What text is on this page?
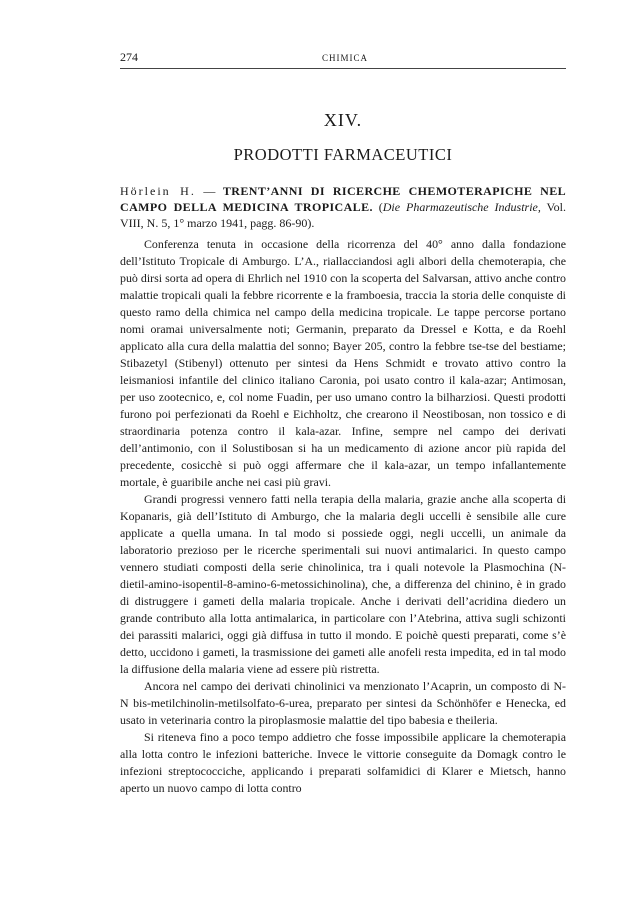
274	CHIMICA
XIV.
PRODOTTI FARMACEUTICI
Hörlein H. — TRENT’ANNI DI RICERCHE CHEMOTERAPICHE NEL CAMPO DELLA MEDICINA TROPICALE. (Die Pharmazeutische Industrie, Vol. VIII, N. 5, 1° marzo 1941, pagg. 86-90).

Conferenza tenuta in occasione della ricorrenza del 40° anno dalla fondazione dell’Istituto Tropicale di Amburgo. L’A., riallacciandosi agli albori della chemoterapia, che può dirsi sorta ad opera di Ehrlich nel 1910 con la scoperta del Salvarsan, attivo anche contro malattie tropicali quali la febbre ricorrente e la framboesia, traccia la storia delle conquiste di questo ramo della chimica nel campo della medicina tropicale. Le tappe percorse portano nomi oramai universalmente noti; Germanin, preparato da Dressel e Kotta, e da Roehl applicato alla cura della malattia del sonno; Bayer 205, contro la febbre tse-tse del bestiame; Stibazetyl (Stibenyl) ottenuto per sintesi da Hens Schmidt e trovato attivo contro la leismaniosi infantile del clinico italiano Caronia, poi usato contro il kala-azar; Antimosan, per uso zootecnico, e, col nome Fuadin, per uso umano contro la bilharziosi. Questi prodotti furono poi perfezionati da Roehl e Eichholtz, che crearono il Neostibosan, non tossico e di straordinaria potenza contro il kala-azar. Infine, sempre nel campo dei derivati dell’antimonio, con il Solustibosan si ha un medicamento di azione ancor più rapida del precedente, cosicchè si può oggi affermare che il kala-azar, un tempo infallantemente mortale, è guaribile anche nei casi più gravi.

Grandi progressi vennero fatti nella terapia della malaria, grazie anche alla scoperta di Kopanaris, già dell’Istituto di Amburgo, che la malaria degli uccelli è sensibile alle cure applicate a quella umana. In tal modo si possiede oggi, negli uccelli, un animale da laboratorio prezioso per le ricerche sperimentali sui nuovi antimalarici. In questo campo vennero studiati composti della serie chinolinica, tra i quali notevole la Plasmochina (N-dietil-amino-isopentil-8-amino-6-metossichinolina), che, a differenza del chinino, è in grado di distruggere i gameti della malaria tropicale. Anche i derivati dell’acridina diedero un grande contributo alla lotta antimalarica, in particolare con l’Atebrina, attiva sugli schizonti dei parassiti malarici, oggi già diffusa in tutto il mondo. E poichè questi preparati, come s’è detto, uccidono i gameti, la trasmissione dei gameti alle anofeli resta impedita, ed in tal modo la diffusione della malaria viene ad essere più ristretta.

Ancora nel campo dei derivati chinolinici va menzionato l’Acaprin, un composto di N-N bis-metilchinolin-metilsolfato-6-urea, preparato per sintesi da Schönhöfer e Henecka, ed usato in veterinaria contro la piroplasmosie malattie del tipo babesia e theileria.

Si riteneva fino a poco tempo addietro che fosse impossibile applicare la chemoterapia alla lotta contro le infezioni batteriche. Invece le vittorie conseguite da Domagk contro le infezioni streptococciche, applicando i preparati solfamidici di Klarer e Mietsch, hanno aperto un nuovo campo di lotta contro
